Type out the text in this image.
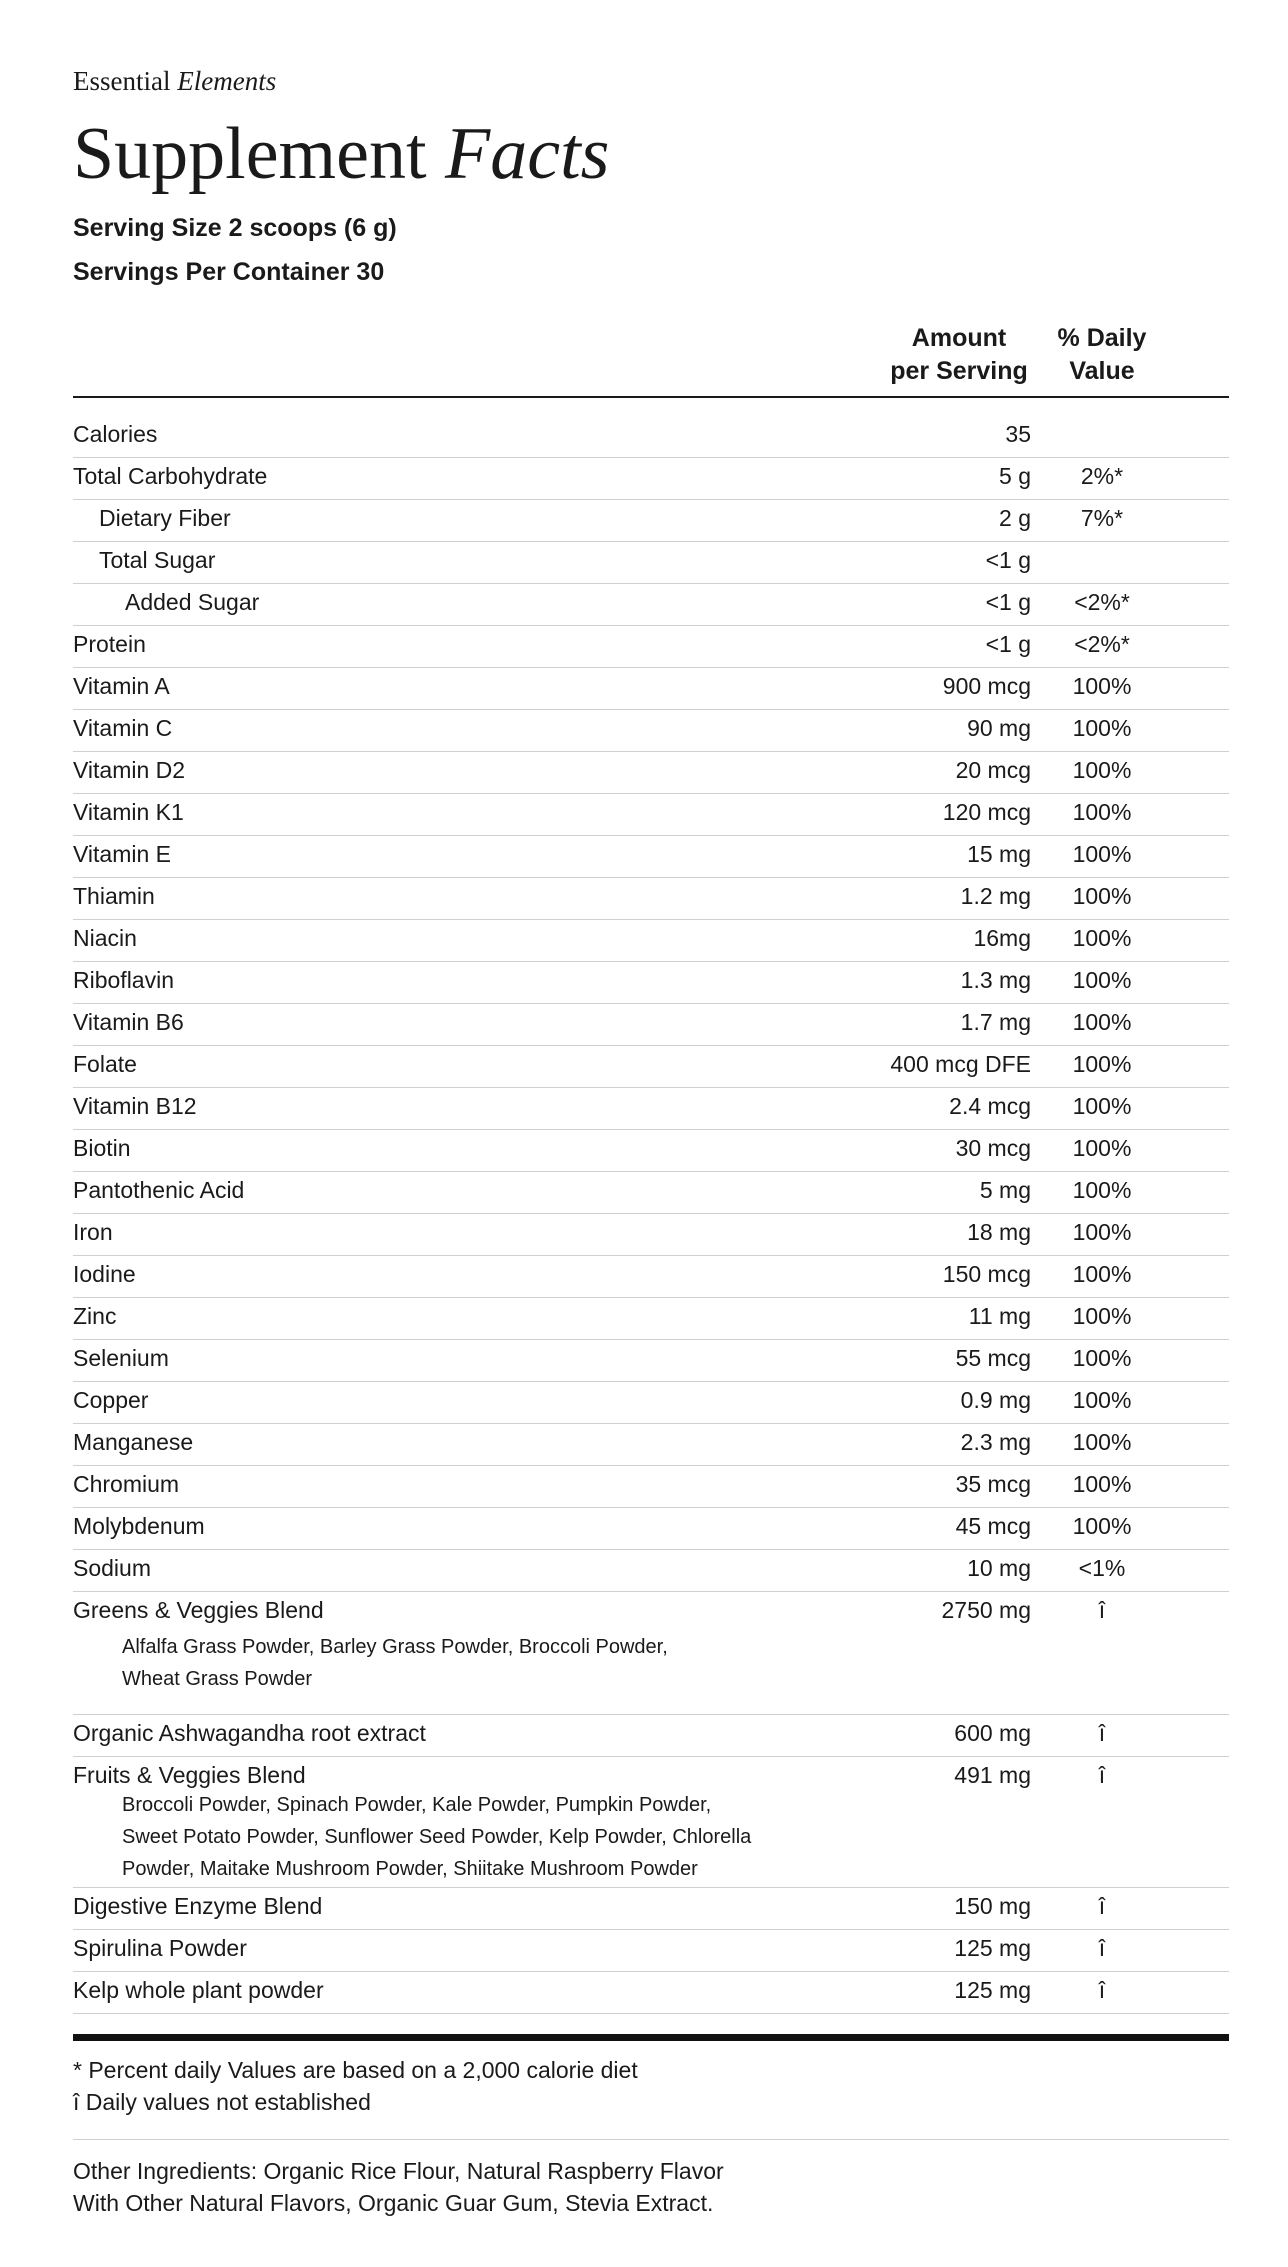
Essential Elements
Supplement Facts
Serving Size 2 scoops (6 g)
Servings Per Container 30
Amount
per Serving
% Daily
Value
Calories	35
Total Carbohydrate	5 g	2%*
Dietary Fiber	2 g	7%*
Total Sugar	<1 g
Added Sugar	<1 g	<2%*
Protein	<1 g	<2%*
Vitamin A	900 mcg	100%
Vitamin C	90 mg	100%
Vitamin D2	20 mcg	100%
Vitamin K1	120 mcg	100%
Vitamin E	15 mg	100%
Thiamin	1.2 mg	100%
Niacin	16mg	100%
Riboflavin	1.3 mg	100%
Vitamin B6	1.7 mg	100%
Folate	400 mcg DFE	100%
Vitamin B12	2.4 mcg	100%
Biotin	30 mcg	100%
Pantothenic Acid	5 mg	100%
Iron	18 mg	100%
Iodine	150 mcg	100%
Zinc	11 mg	100%
Selenium	55 mcg	100%
Copper	0.9 mg	100%
Manganese	2.3 mg	100%
Chromium	35 mcg	100%
Molybdenum	45 mcg	100%
Sodium	10 mg	<1%
Greens & Veggies Blend	2750 mg	î
Alfalfa Grass Powder, Barley Grass Powder, Broccoli Powder,
Wheat Grass Powder
Organic Ashwagandha root extract	600 mg	î
Fruits & Veggies Blend	491 mg	î
Broccoli Powder, Spinach Powder, Kale Powder, Pumpkin Powder,
Sweet Potato Powder, Sunflower Seed Powder, Kelp Powder, Chlorella
Powder, Maitake Mushroom Powder, Shiitake Mushroom Powder
Digestive Enzyme Blend	150 mg	î
Spirulina Powder	125 mg	î
Kelp whole plant powder	125 mg	î
* Percent daily Values are based on a 2,000 calorie diet
î Daily values not established
Other Ingredients: Organic Rice Flour, Natural Raspberry Flavor
With Other Natural Flavors, Organic Guar Gum, Stevia Extract.
